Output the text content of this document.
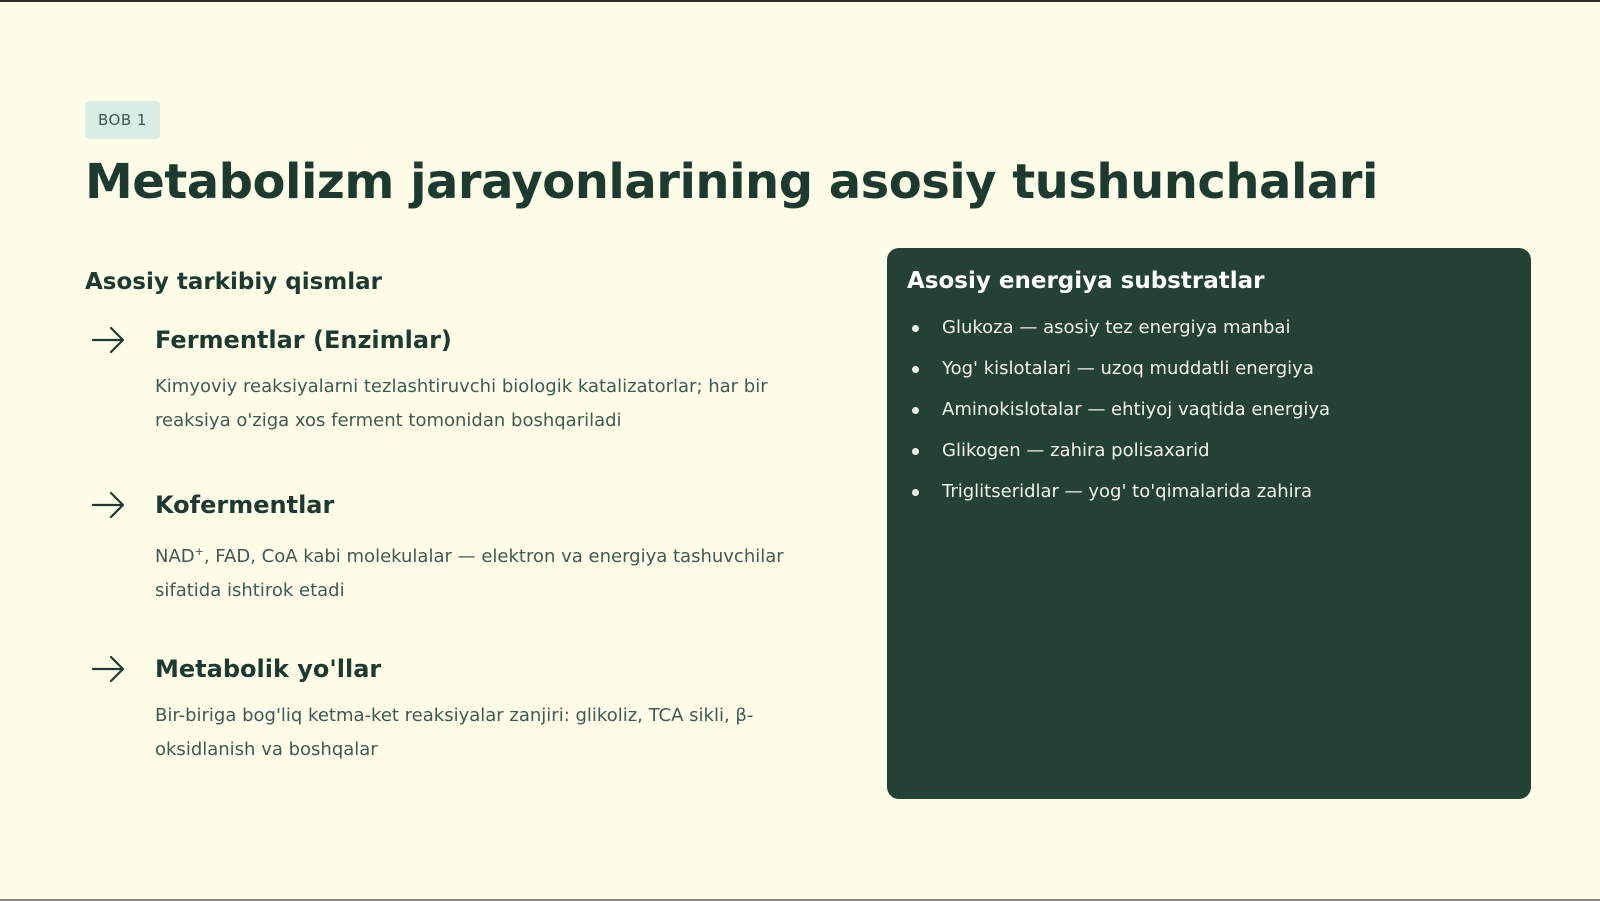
BOB 1
Metabolizm jarayonlarining asosiy tushunchalari
Asosiy tarkibiy qismlar
Fermentlar (Enzimlar)

Kimyoviy reaksiyalarni tezlashtiruvchi biologik katalizatorlar; har bir reaksiya o'ziga xos ferment tomonidan boshqariladi

Kofermentlar

NAD+, FAD, CoA kabi molekulalar — elektron va energiya tashuvchilar sifatida ishtirok etadi

Metabolik yo'llar

Bir-biriga bog'liq ketma-ket reaksiyalar zanjiri: glikoliz, TCA sikli, β-oksidlanish va boshqalar

Asosiy energiya substratlar
Glukoza — asosiy tez energiya manbai
Yog' kislotalari — uzoq muddatli energiya
Aminokislotalar — ehtiyoj vaqtida energiya
Glikogen — zahira polisaxarid
Triglitseridlar — yog' to'qimalarida zahira
